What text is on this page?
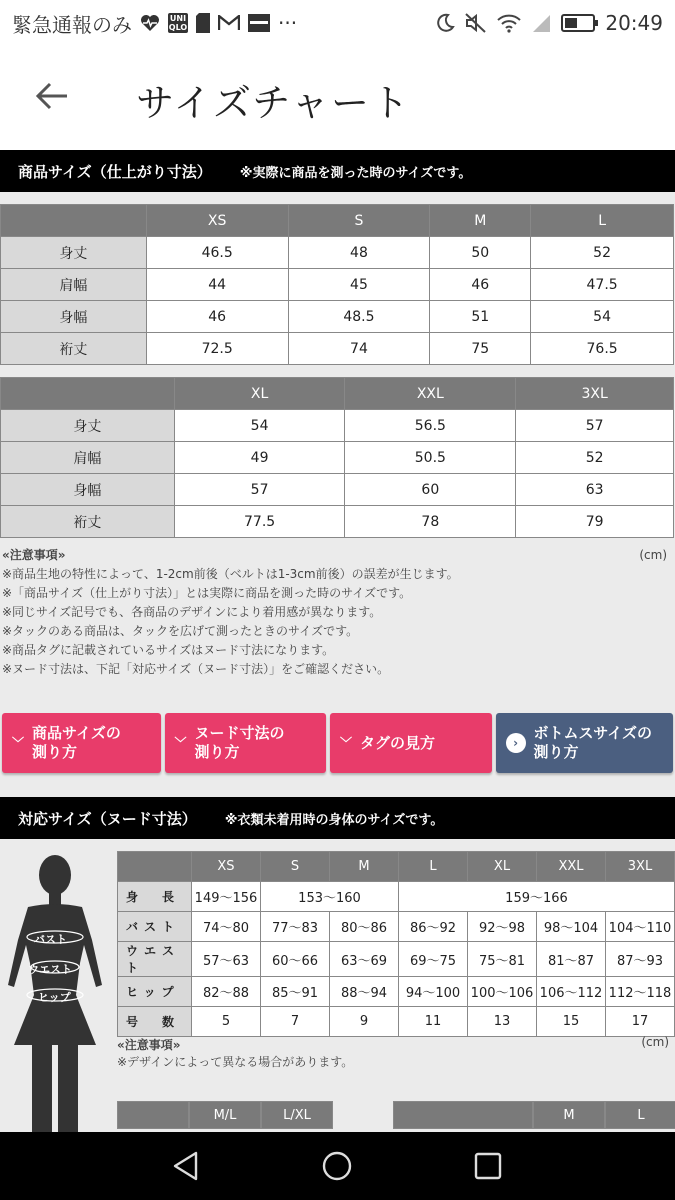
緊急通報のみ	UNI QLO	···	20:49
サイズチャート
商品サイズ（仕上がり寸法） ※実際に商品を測った時のサイズです。
	XS	S	M	L
身丈	46.5	48	50	52
肩幅	44	45	46	47.5
身幅	46	48.5	51	54
裄丈	72.5	74	75	76.5
	XL	XXL	3XL
身丈	54	56.5	57
肩幅	49	50.5	52
身幅	57	60	63
裄丈	77.5	78	79
(cm)
«注意事項»
※商品生地の特性によって、1-2cm前後（ベルトは1-3cm前後）の誤差が生じます。
※「商品サイズ（仕上がり寸法）」とは実際に商品を測った時のサイズです。
※同じサイズ記号でも、各商品のデザインにより着用感が異なります。
※タックのある商品は、タックを広げて測ったときのサイズです。
※商品タグに記載されているサイズはヌード寸法になります。
※ヌード寸法は、下記「対応サイズ（ヌード寸法）」をご確認ください。
﹀
商品サイズの
測り方
﹀
ヌード寸法の
測り方
﹀ タグの見方	›
ボトムスサイズの
測り方
対応サイズ（ヌード寸法） ※衣類未着用時の身体のサイズです。
バスト
ウエスト
ヒップ
	XS	S	M	L	XL	XXL	3XL
身　長	149〜156	153〜160		159〜166			
バスト	74〜80	77〜83	80〜86	86〜92	92〜98	98〜104	104〜110
ウエスト	57〜63	60〜66	63〜69	69〜75	75〜81	81〜87	87〜93
ヒップ	82〜88	85〜91	88〜94	94〜100	100〜106	106〜112	112〜118
号　数	5	7	9	11	13	15	17
(cm)
«注意事項»
※デザインによって異なる場合があります。
M/L	L/XL	M	L
